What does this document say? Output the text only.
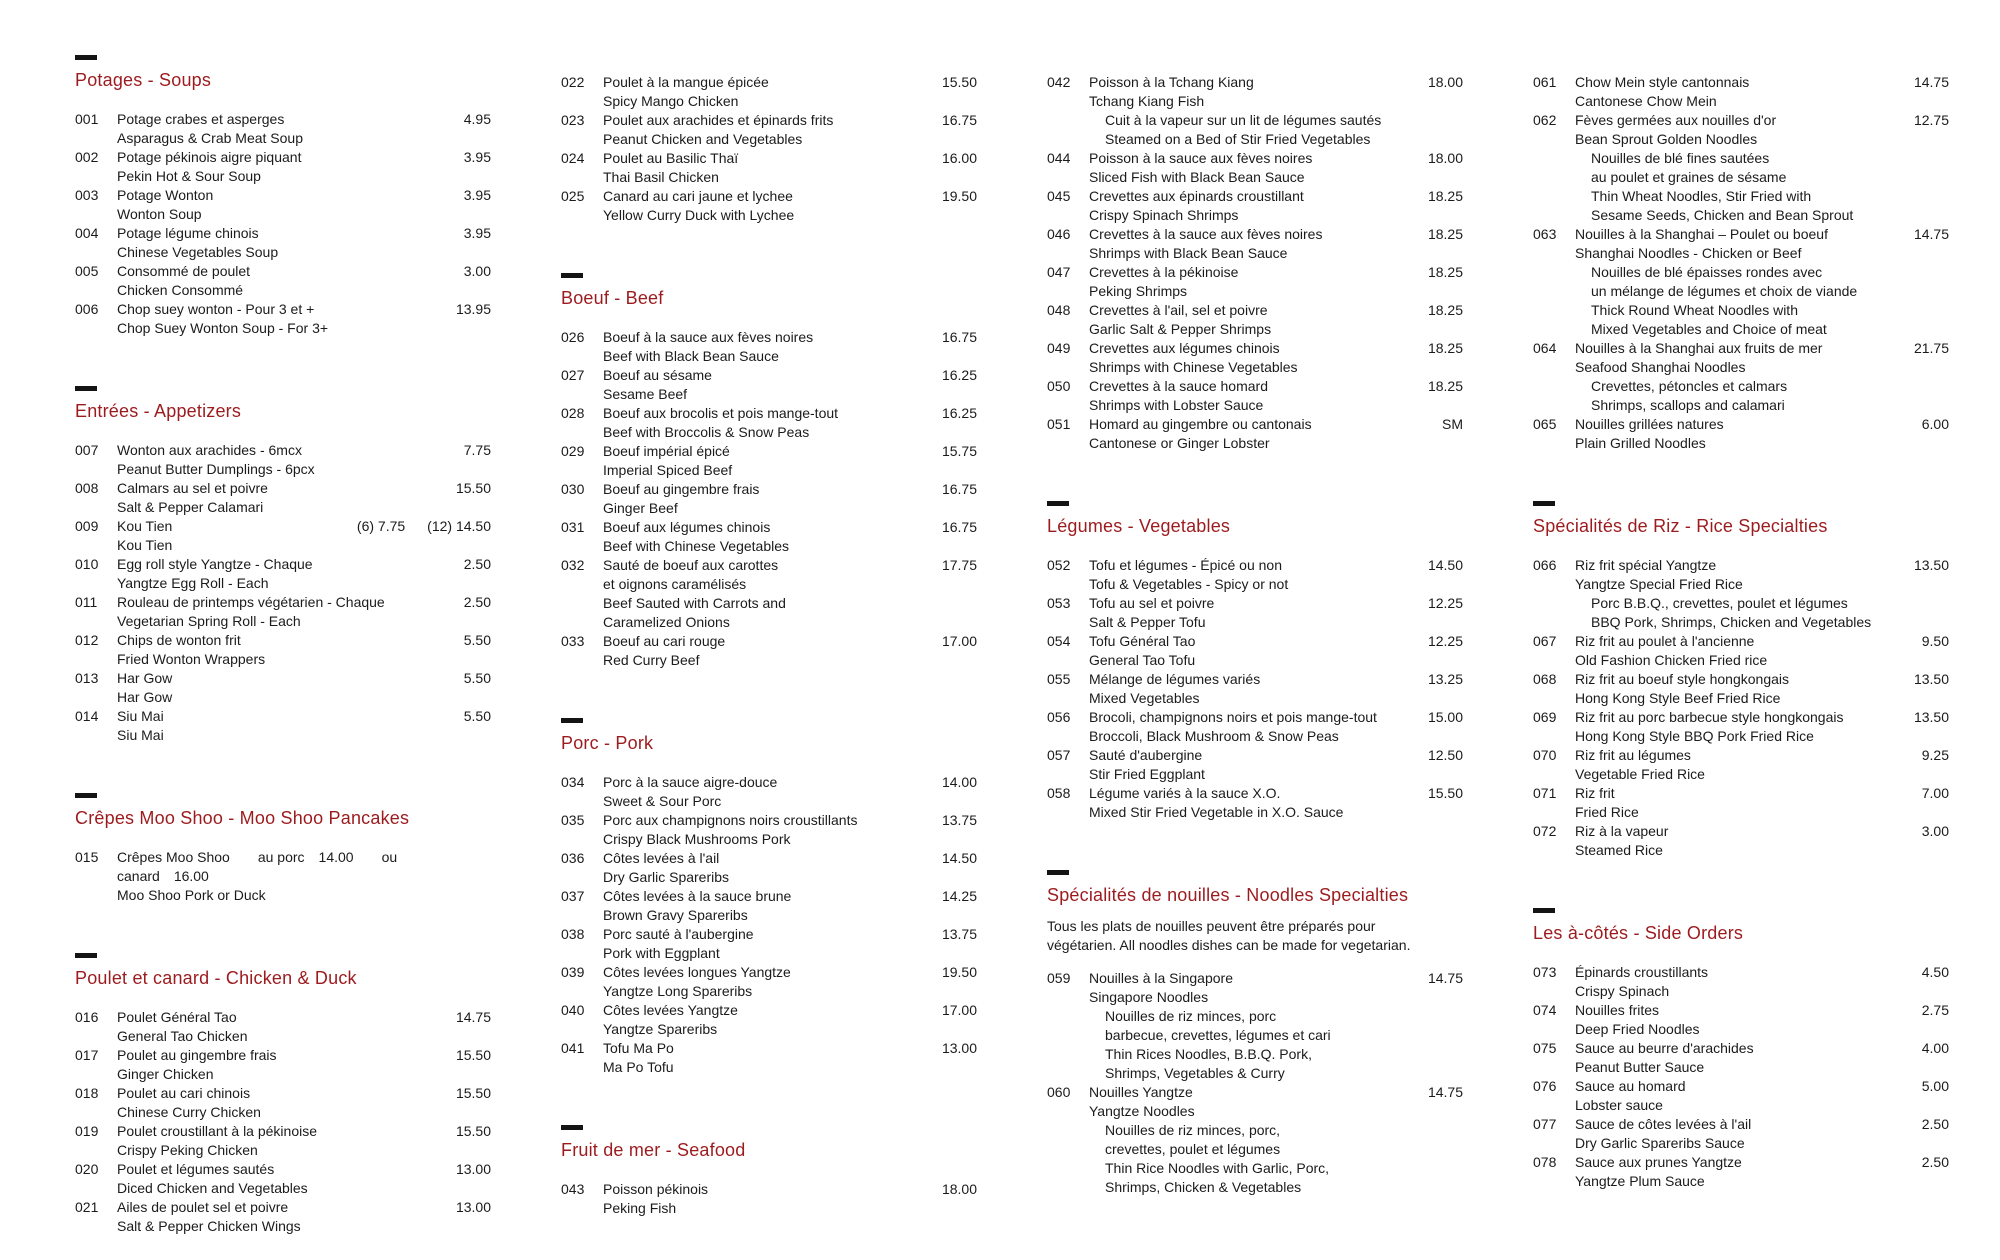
Potages - Soups
001	Potage crabes et asperges	4.95
Asparagus & Crab Meat Soup
002	Potage pékinois aigre piquant	3.95
Pekin Hot & Sour Soup
003	Potage Wonton	3.95
Wonton Soup
004	Potage légume chinois	3.95
Chinese Vegetables Soup
005	Consommé de poulet	3.00
Chicken Consommé
006	Chop suey wonton - Pour 3 et +	13.95
Chop Suey Wonton Soup - For 3+
Entrées - Appetizers
007	Wonton aux arachides - 6mcx	7.75
Peanut Butter Dumplings - 6pcx
008	Calmars au sel et poivre	15.50
Salt & Pepper Calamari
009	Kou Tien	(6) 7.75 (12) 14.50
Kou Tien
010	Egg roll style Yangtze - Chaque	2.50
Yangtze Egg Roll - Each
011	Rouleau de printemps végétarien - Chaque	2.50
Vegetarian Spring Roll - Each
012	Chips de wonton frit	5.50
Fried Wonton Wrappers
013	Har Gow	5.50
Har Gow
014	Siu Mai	5.50
Siu Mai
Crêpes Moo Shoo - Moo Shoo Pancakes
015	Crêpes Moo Shoo au porc 14.00 ou canard 16.00
Moo Shoo Pork or Duck
Poulet et canard - Chicken & Duck
016	Poulet Général Tao	14.75
General Tao Chicken
017	Poulet au gingembre frais	15.50
Ginger Chicken
018	Poulet au cari chinois	15.50
Chinese Curry Chicken
019	Poulet croustillant à la pékinoise	15.50
Crispy Peking Chicken
020	Poulet et légumes sautés	13.00
Diced Chicken and Vegetables
021	Ailes de poulet sel et poivre	13.00
Salt & Pepper Chicken Wings
022	Poulet à la mangue épicée	15.50
Spicy Mango Chicken
023	Poulet aux arachides et épinards frits	16.75
Peanut Chicken and Vegetables
024	Poulet au Basilic Thaï	16.00
Thai Basil Chicken
025	Canard au cari jaune et lychee	19.50
Yellow Curry Duck with Lychee
Boeuf - Beef
026	Boeuf à la sauce aux fèves noires	16.75
Beef with Black Bean Sauce
027	Boeuf au sésame	16.25
Sesame Beef
028	Boeuf aux brocolis et pois mange-tout	16.25
Beef with Broccolis & Snow Peas
029	Boeuf impérial épicé	15.75
Imperial Spiced Beef
030	Boeuf au gingembre frais	16.75
Ginger Beef
031	Boeuf aux légumes chinois	16.75
Beef with Chinese Vegetables
032	Sauté de boeuf aux carottes	17.75
et oignons caramélisés
Beef Sauted with Carrots and
Caramelized Onions
033	Boeuf au cari rouge	17.00
Red Curry Beef
Porc - Pork
034	Porc à la sauce aigre-douce	14.00
Sweet & Sour Porc
035	Porc aux champignons noirs croustillants	13.75
Crispy Black Mushrooms Pork
036	Côtes levées à l'ail	14.50
Dry Garlic Spareribs
037	Côtes levées à la sauce brune	14.25
Brown Gravy Spareribs
038	Porc sauté à l'aubergine	13.75
Pork with Eggplant
039	Côtes levées longues Yangtze	19.50
Yangtze Long Spareribs
040	Côtes levées Yangtze	17.00
Yangtze Spareribs
041	Tofu Ma Po	13.00
Ma Po Tofu
Fruit de mer - Seafood
043	Poisson pékinois	18.00
Peking Fish
042	Poisson à la Tchang Kiang	18.00
Tchang Kiang Fish
Cuit à la vapeur sur un lit de légumes sautés
Steamed on a Bed of Stir Fried Vegetables
044	Poisson à la sauce aux fèves noires	18.00
Sliced Fish with Black Bean Sauce
045	Crevettes aux épinards croustillant	18.25
Crispy Spinach Shrimps
046	Crevettes à la sauce aux fèves noires	18.25
Shrimps with Black Bean Sauce
047	Crevettes à la pékinoise	18.25
Peking Shrimps
048	Crevettes à l'ail, sel et poivre	18.25
Garlic Salt & Pepper Shrimps
049	Crevettes aux légumes chinois	18.25
Shrimps with Chinese Vegetables
050	Crevettes à la sauce homard	18.25
Shrimps with Lobster Sauce
051	Homard au gingembre ou cantonais	SM
Cantonese or Ginger Lobster
Légumes - Vegetables
052	Tofu et légumes - Épicé ou non	14.50
Tofu & Vegetables - Spicy or not
053	Tofu au sel et poivre	12.25
Salt & Pepper Tofu
054	Tofu Général Tao	12.25
General Tao Tofu
055	Mélange de légumes variés	13.25
Mixed Vegetables
056	Brocoli, champignons noirs et pois mange-tout	15.00
Broccoli, Black Mushroom & Snow Peas
057	Sauté d'aubergine	12.50
Stir Fried Eggplant
058	Légume variés à la sauce X.O.	15.50
Mixed Stir Fried Vegetable in X.O. Sauce
Spécialités de nouilles - Noodles Specialties
Tous les plats de nouilles peuvent être préparés pour
végétarien. All noodles dishes can be made for vegetarian.
059	Nouilles à la Singapore	14.75
Singapore Noodles
Nouilles de riz minces, porc
barbecue, crevettes, légumes et cari
Thin Rices Noodles, B.B.Q. Pork,
Shrimps, Vegetables & Curry
060	Nouilles Yangtze	14.75
Yangtze Noodles
Nouilles de riz minces, porc,
crevettes, poulet et légumes
Thin Rice Noodles with Garlic, Porc,
Shrimps, Chicken & Vegetables
061	Chow Mein style cantonnais	14.75
Cantonese Chow Mein
062	Fèves germées aux nouilles d'or	12.75
Bean Sprout Golden Noodles
Nouilles de blé fines sautées
au poulet et graines de sésame
Thin Wheat Noodles, Stir Fried with
Sesame Seeds, Chicken and Bean Sprout
063	Nouilles à la Shanghai – Poulet ou boeuf	14.75
Shanghai Noodles - Chicken or Beef
Nouilles de blé épaisses rondes avec
un mélange de légumes et choix de viande
Thick Round Wheat Noodles with
Mixed Vegetables and Choice of meat
064	Nouilles à la Shanghai aux fruits de mer	21.75
Seafood Shanghai Noodles
Crevettes, pétoncles et calmars
Shrimps, scallops and calamari
065	Nouilles grillées natures	6.00
Plain Grilled Noodles
Spécialités de Riz - Rice Specialties
066	Riz frit spécial Yangtze	13.50
Yangtze Special Fried Rice
Porc B.B.Q., crevettes, poulet et légumes
BBQ Pork, Shrimps, Chicken and Vegetables
067	Riz frit au poulet à l'ancienne	9.50
Old Fashion Chicken Fried rice
068	Riz frit au boeuf style hongkongais	13.50
Hong Kong Style Beef Fried Rice
069	Riz frit au porc barbecue style hongkongais	13.50
Hong Kong Style BBQ Pork Fried Rice
070	Riz frit au légumes	9.25
Vegetable Fried Rice
071	Riz frit	7.00
Fried Rice
072	Riz à la vapeur	3.00
Steamed Rice
Les à-côtés - Side Orders
073	Épinards croustillants	4.50
Crispy Spinach
074	Nouilles frites	2.75
Deep Fried Noodles
075	Sauce au beurre d'arachides	4.00
Peanut Butter Sauce
076	Sauce au homard	5.00
Lobster sauce
077	Sauce de côtes levées à l'ail	2.50
Dry Garlic Spareribs Sauce
078	Sauce aux prunes Yangtze	2.50
Yangtze Plum Sauce
